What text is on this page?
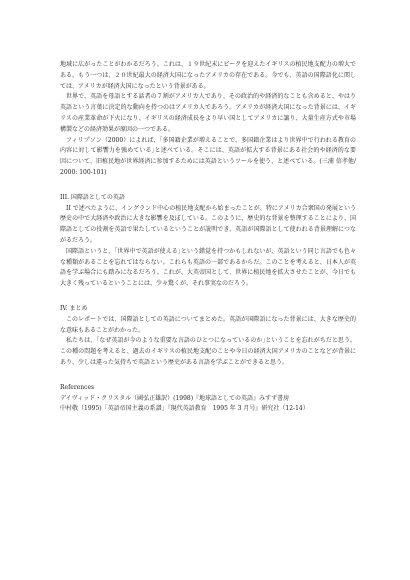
地域に広がったことがわかるだろう。これは、１９世紀末にピークを迎えたイギリスの植民地支配力の増大である。もう一つは、２０世紀最大の経済大国になったアメリカの存在である。今でも、英語の国際語化に関しては、アメリカが経済大国になったという背景がある。

世界で、英語を母語とする話者の７割がアメリカ人であり、その政治的や経済的なことも含めると、やはり英語という言葉に決定的な動向を持つのはアメリカ人であろう。アメリカが経済大国になった背景には、イギリスの産業革命が下火になり、イギリスの経済成長をより早い国としてアメリカに譲り、大量生産方式や市場構製などの経済効果が原因の一つである。

フィリプソン（2000）によれば、｢多国籍企業が増えることで、多国籍企業はより世界中で行われる教育の内容に対して影響力を強めている｣と述べている。そこには、英語が拡大する背景にある社会的や経済的な要因について、旧植民地が世界経済に参加するためには英語というツールを使う、と述べている。(三浦 信孝他/ 2000: 100-101)

III. 国際語としての英語

II で述べたように、イングランド中心の植民地支配から始まったことが、特にアメリカ合衆国の発展という歴史の中で大経済や政治に大きな影響を及ぼしている。このように、歴史的な背景を整理することにより、国際語としての役割を英語で果たしているということが説明でき、英語が国際語として使われる背景理解につながるだろう。

国際語というと、｢世界中で英語が使える｣という錯覚を持つかもしれないが、英語という同じ言語でも色々な種類があることを忘れてはならない。これらも英語の一部であるからだ。このことを考えると、日本人が英語を学ぶ場合にも踏みになるだろう。これが、大英帝国として、世界に植民地を拡大させたことが、今日でも大きく残っているということには、少々驚くが、それ事実なのだろう。

IV. まとめ

このレポートでは、国際語としての英語についてまとめた。英語が国際語になった背景には、大きな歴史的な意味もあることがわかった。

私たちは、｢なぜ英語が今のような重要な言語のひとつになっているのか｣ということを忘れがちだと思う。この種の問題を考えると、過去のイギリスの植民地支配のことや今日の経済大国アメリカのことなどが背景にあり、少しは違った気持ちで英語という歴史がある言語を学ぶことができると思う。

References
デイヴィッド・クリスタル（國弘正雄訳）(1998)『地球語としての英語』みすず書房
中村敬（1995)「英語帝国主義の系譜」『現代英語教育　1995 年 3 月号』研究社（12-14）
